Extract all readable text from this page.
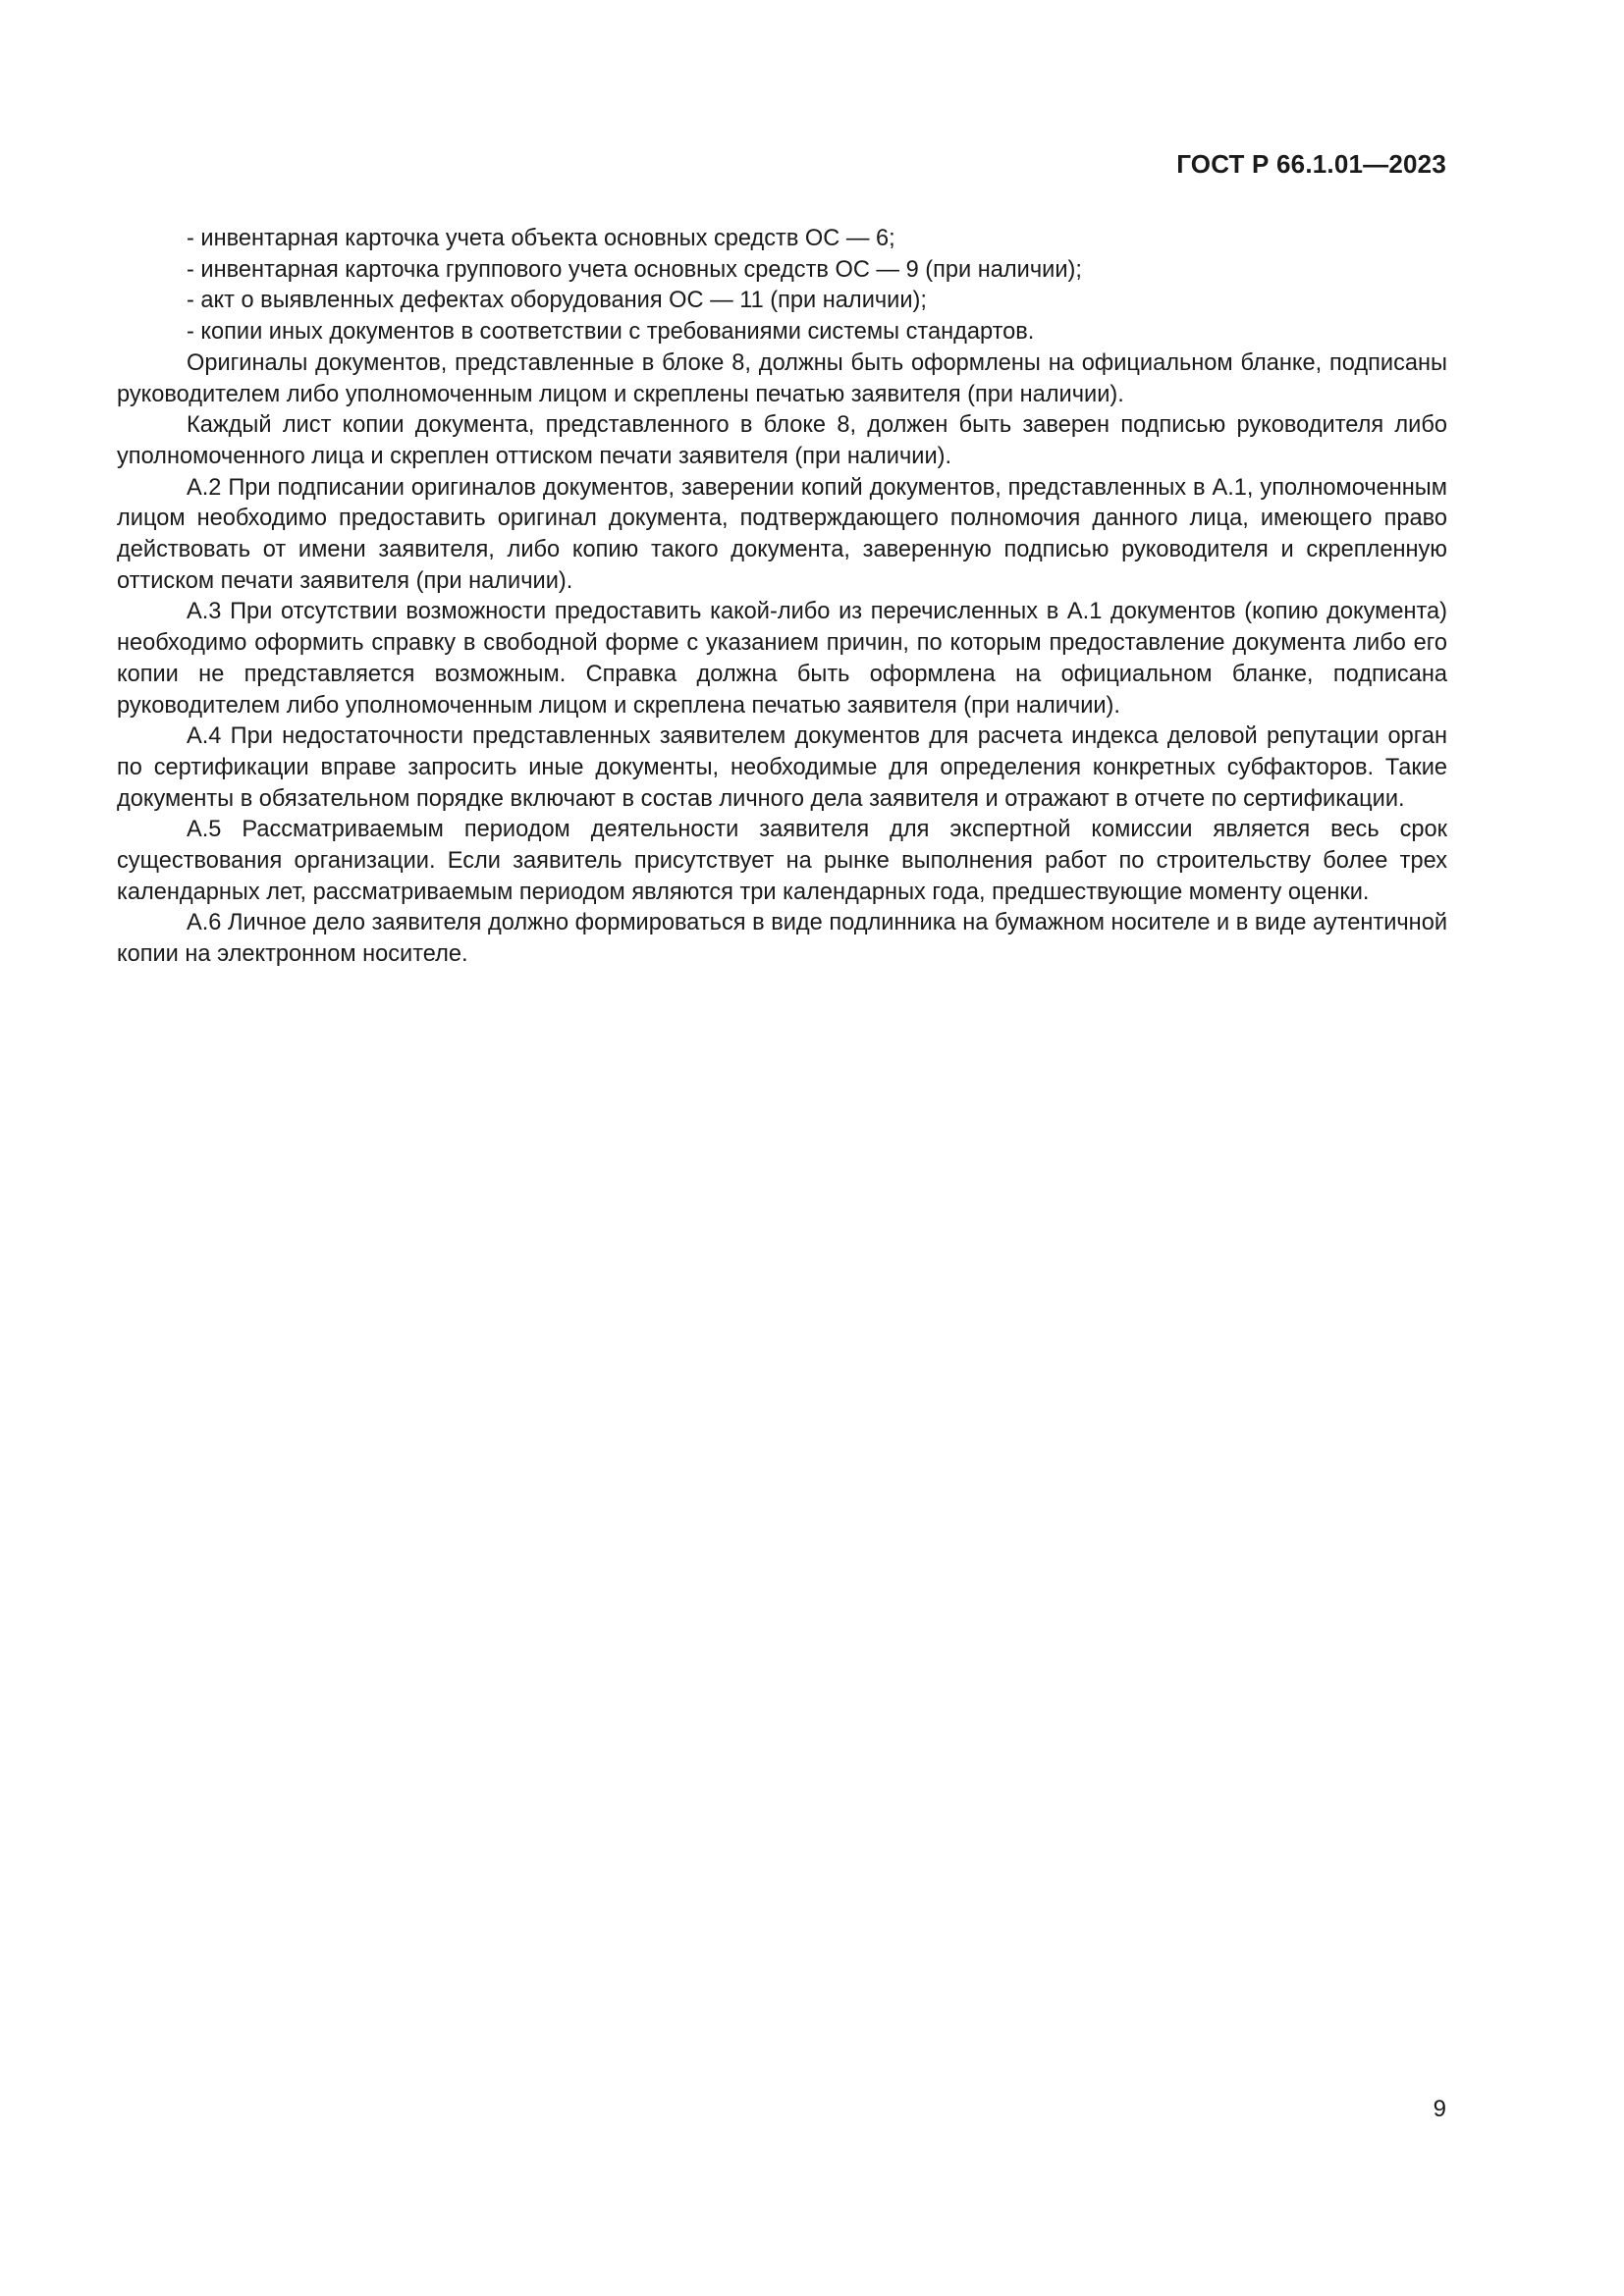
ГОСТ Р 66.1.01—2023

- инвентарная карточка учета объекта основных средств ОС — 6;

- инвентарная карточка группового учета основных средств ОС — 9 (при наличии);

- акт о выявленных дефектах оборудования ОС — 11 (при наличии);

- копии иных документов в соответствии с требованиями системы стандартов.

Оригиналы документов, представленные в блоке 8, должны быть оформлены на официальном бланке, подписаны руководителем либо уполномоченным лицом и скреплены печатью заявителя (при наличии).

Каждый лист копии документа, представленного в блоке 8, должен быть заверен подписью руководителя либо уполномоченного лица и скреплен оттиском печати заявителя (при наличии).

А.2 При подписании оригиналов документов, заверении копий документов, представленных в А.1, уполномоченным лицом необходимо предоставить оригинал документа, подтверждающего полномочия данного лица, имеющего право действовать от имени заявителя, либо копию такого документа, заверенную подписью руководителя и скрепленную оттиском печати заявителя (при наличии).

А.3 При отсутствии возможности предоставить какой-либо из перечисленных в А.1 документов (копию документа) необходимо оформить справку в свободной форме с указанием причин, по которым предоставление документа либо его копии не представляется возможным. Справка должна быть оформлена на официальном бланке, подписана руководителем либо уполномоченным лицом и скреплена печатью заявителя (при наличии).

А.4 При недостаточности представленных заявителем документов для расчета индекса деловой репутации орган по сертификации вправе запросить иные документы, необходимые для определения конкретных субфакторов. Такие документы в обязательном порядке включают в состав личного дела заявителя и отражают в отчете по сертификации.

А.5 Рассматриваемым периодом деятельности заявителя для экспертной комиссии является весь срок существования организации. Если заявитель присутствует на рынке выполнения работ по строительству более трех календарных лет, рассматриваемым периодом являются три календарных года, предшествующие моменту оценки.

А.6 Личное дело заявителя должно формироваться в виде подлинника на бумажном носителе и в виде аутентичной копии на электронном носителе.

9
